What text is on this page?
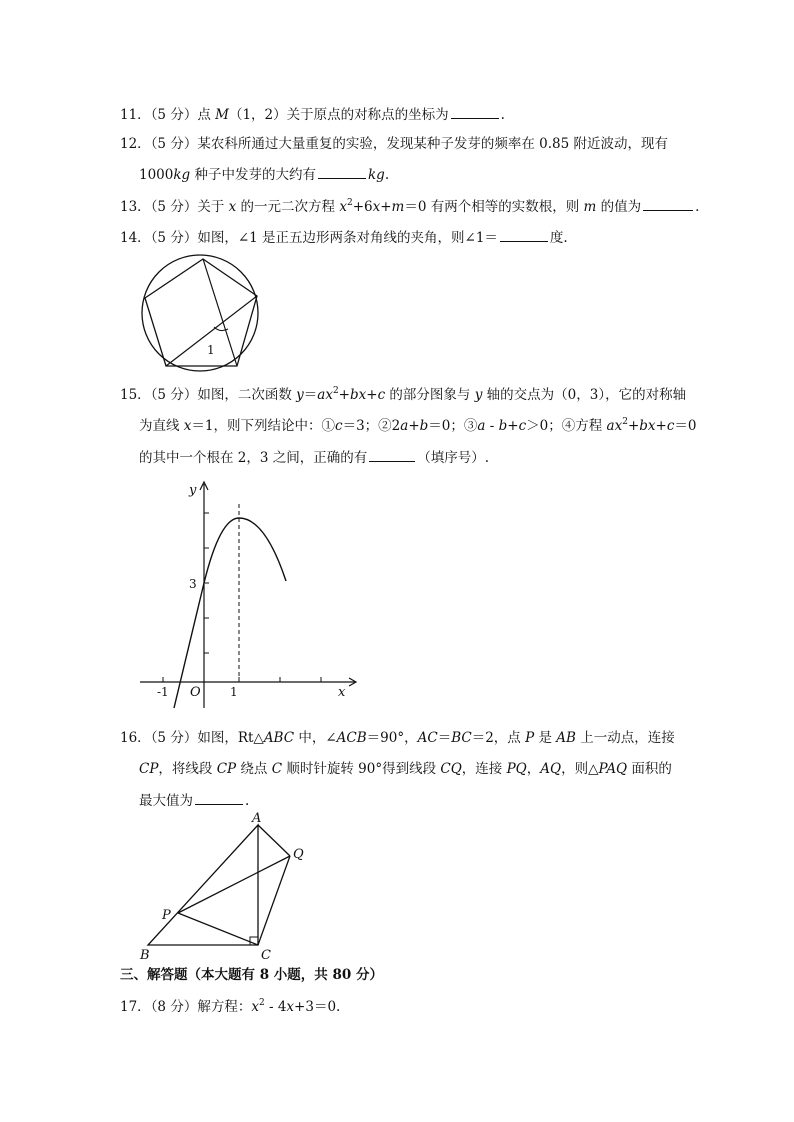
11．（5 分）点 M（1，2）关于原点的对称点的坐标为	.
12．（5 分）某农科所通过大量重复的实验，发现某种子发芽的频率在 0.85 附近波动，现有
1000kg 种子中发芽的大约有	kg.
13．（5 分）关于 x 的一元二次方程 $x^2+6x+m=0$ 有两个相等的实数根，则 m 的值为	.
14．（5 分）如图，∠1 是正五边形两条对角线的夹角，则∠1＝	度.
1
15．（5 分）如图，二次函数 $y=ax^2+bx+c$ 的部分图象与 y 轴的交点为（0，3），它的对称轴
为直线 x＝1，则下列结论中：①c＝3；②2a+b＝0；③a - b+c＞0；④方程 $ax^2+bx+c=0$
的其中一个根在 2，3 之间，正确的有	（填序号）.
y
x
O
-1	1
3
16．（5 分）如图，Rt△ABC 中，∠ACB＝90°，AC＝BC＝2，点 P 是 AB 上一动点，连接
CP，将线段 CP 绕点 C 顺时针旋转 90°得到线段 CQ，连接 PQ，AQ，则△PAQ 面积的
最大值为	.
A
B	C
P
Q
三、解答题（本大题有 8 小题，共 80 分）
17．（8 分）解方程：$x^2 - 4x+3=0$.
